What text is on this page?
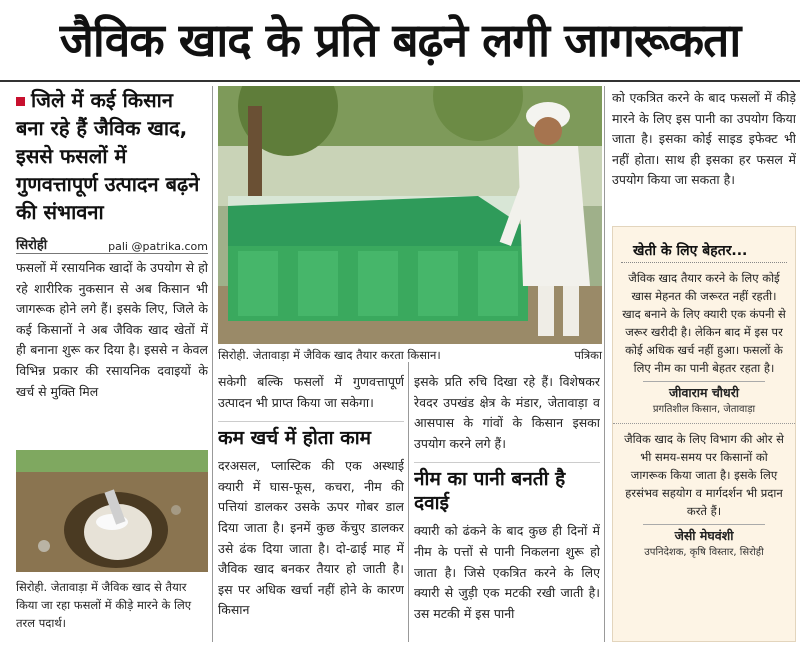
जैविक खाद के प्रति बढ़ने लगी जागरूकता
जिले में कई किसान बना रहे हैं जैविक खाद, इससे फसलों में गुणवत्तापूर्ण उत्पादन बढ़ने की संभावना
सिरोही	pali @patrika.com
फसलों में रसायनिक खादों के उपयोग से हो रहे शारीरिक नुकसान से अब किसान भी जागरूक होने लगे हैं। इसके लिए, जिले के कई किसानों ने अब जैविक खाद खेतों में ही बनाना शुरू कर दिया है। इससे न केवल विभिन्न प्रकार की रसायनिक दवाइयों के खर्च से मुक्ति मिल
सिरोही. जेतावाड़ा में जैविक खाद से तैयार किया जा रहा फसलों में कीड़े मारने के लिए तरल पदार्थ।
सिरोही. जेतावाड़ा में जैविक खाद तैयार करता किसान।	पत्रिका
सकेगी बल्कि फसलों में गुणवत्तापूर्ण उत्पादन भी प्राप्त किया जा सकेगा।
कम खर्च में होता काम
दरअसल, प्लास्टिक की एक अस्थाई क्यारी में घास-फूस, कचरा, नीम की पत्तियां डालकर उसके ऊपर गोबर डाल दिया जाता है। इनमें कुछ केंचुए डालकर उसे ढंक दिया जाता है। दो-ढाई माह में जैविक खाद बनकर तैयार हो जाती है। इस पर अधिक खर्चा नहीं होने के कारण किसान
इसके प्रति रुचि दिखा रहे हैं। विशेषकर रेवदर उपखंड क्षेत्र के मंडार, जेतावाड़ा व आसपास के गांवों के किसान इसका उपयोग करने लगे हैं।
नीम का पानी बनती है दवाई
क्यारी को ढंकने के बाद कुछ ही दिनों में नीम के पत्तों से पानी निकलना शुरू हो जाता है। जिसे एकत्रित करने के लिए क्यारी से जुड़ी एक मटकी रखी जाती है। उस मटकी में इस पानी
को एकत्रित करने के बाद फसलों में कीड़े मारने के लिए इस पानी का उपयोग किया जाता है। इसका कोई साइड इफेक्ट भी नहीं होता। साथ ही इसका हर फसल में उपयोग किया जा सकता है।
खेती के लिए बेहतर...
जैविक खाद तैयार करने के लिए कोई खास मेहनत की जरूरत नहीं रहती। खाद बनाने के लिए क्यारी एक कंपनी से जरूर खरीदी है। लेकिन बाद में इस पर कोई अधिक खर्च नहीं हुआ। फसलों के लिए नीम का पानी बेहतर रहता है।
जीवाराम चौधरी
प्रगतिशील किसान, जेतावाड़ा
जैविक खाद के लिए विभाग की ओर से भी समय-समय पर किसानों को जागरूक किया जाता है। इसके लिए हरसंभव सहयोग व मार्गदर्शन भी प्रदान करते हैं।
जेसी मेघवंशी
उपनिदेशक, कृषि विस्तार, सिरोही
